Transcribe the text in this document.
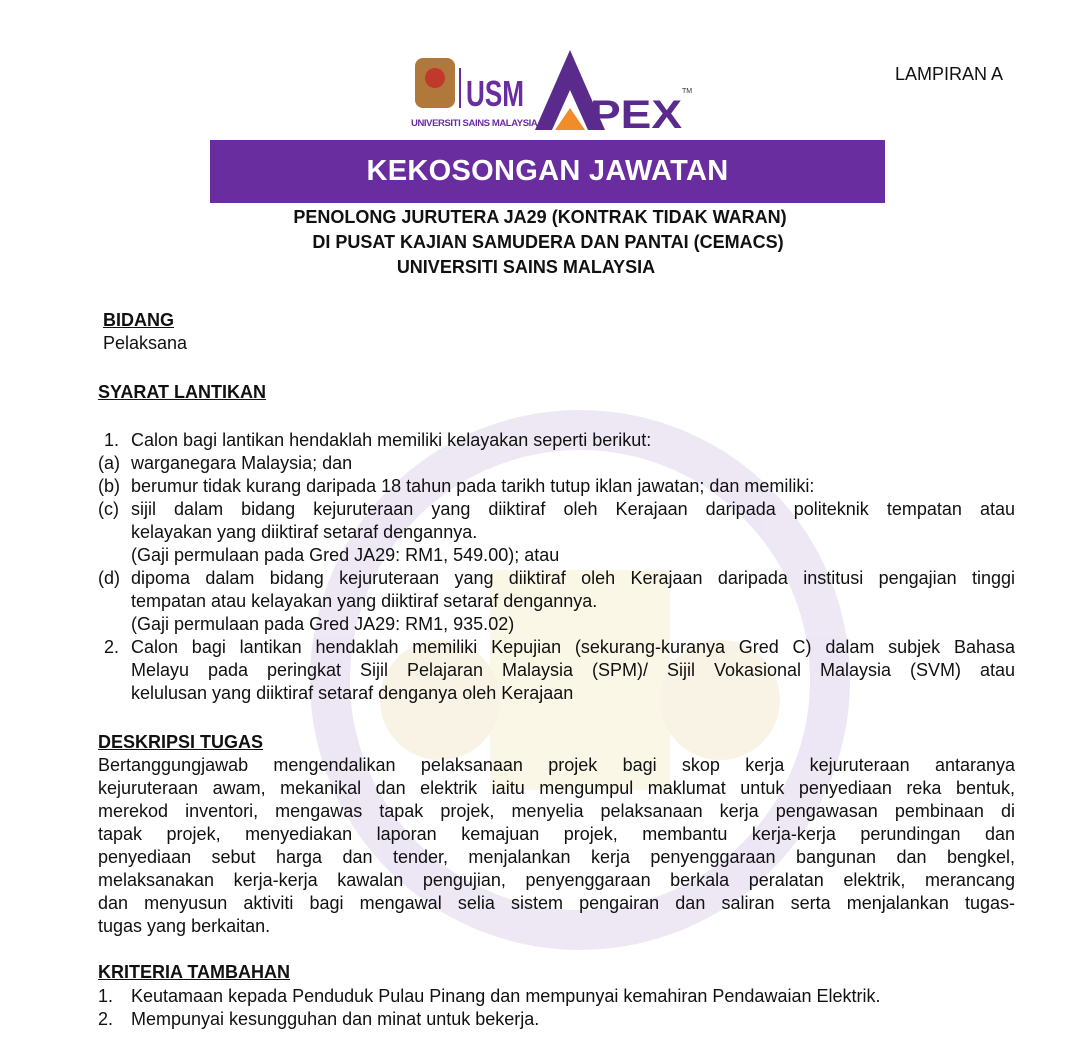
LAMPIRAN A
USM
UNIVERSITI SAINS MALAYSIA PEX
TM
KEKOSONGAN JAWATAN
PENOLONG JURUTERA JA29 (KONTRAK TIDAK WARAN)
DI PUSAT KAJIAN SAMUDERA DAN PANTAI (CEMACS)
UNIVERSITI SAINS MALAYSIA
BIDANG
Pelaksana
SYARAT LANTIKAN
1. Calon bagi lantikan hendaklah memiliki kelayakan seperti berikut:
(a) warganegara Malaysia; dan
(b) berumur tidak kurang daripada 18 tahun pada tarikh tutup iklan jawatan; dan memiliki:
(c) sijil dalam bidang kejuruteraan yang diiktiraf oleh Kerajaan daripada politeknik tempatan atau
kelayakan yang diiktiraf setaraf dengannya.
(Gaji permulaan pada Gred JA29: RM1, 549.00); atau
(d) dipoma dalam bidang kejuruteraan yang diiktiraf oleh Kerajaan daripada institusi pengajian tinggi
tempatan atau kelayakan yang diiktiraf setaraf dengannya.
(Gaji permulaan pada Gred JA29: RM1, 935.02)
2. Calon bagi lantikan hendaklah memiliki Kepujian (sekurang-kuranya Gred C) dalam subjek Bahasa
Melayu pada peringkat Sijil Pelajaran Malaysia (SPM)/ Sijil Vokasional Malaysia (SVM) atau
kelulusan yang diiktiraf setaraf denganya oleh Kerajaan
DESKRIPSI TUGAS
Bertanggungjawab mengendalikan pelaksanaan projek bagi skop kerja kejuruteraan antaranya
kejuruteraan awam, mekanikal dan elektrik iaitu mengumpul maklumat untuk penyediaan reka bentuk,
merekod inventori, mengawas tapak projek, menyelia pelaksanaan kerja pengawasan pembinaan di
tapak projek, menyediakan laporan kemajuan projek, membantu kerja-kerja perundingan dan
penyediaan sebut harga dan tender, menjalankan kerja penyenggaraan bangunan dan bengkel,
melaksanakan kerja-kerja kawalan pengujian, penyenggaraan berkala peralatan elektrik, merancang
dan menyusun aktiviti bagi mengawal selia sistem pengairan dan saliran serta menjalankan tugas-
tugas yang berkaitan.
KRITERIA TAMBAHAN
1. Keutamaan kepada Penduduk Pulau Pinang dan mempunyai kemahiran Pendawaian Elektrik.
2. Mempunyai kesungguhan dan minat untuk bekerja.
